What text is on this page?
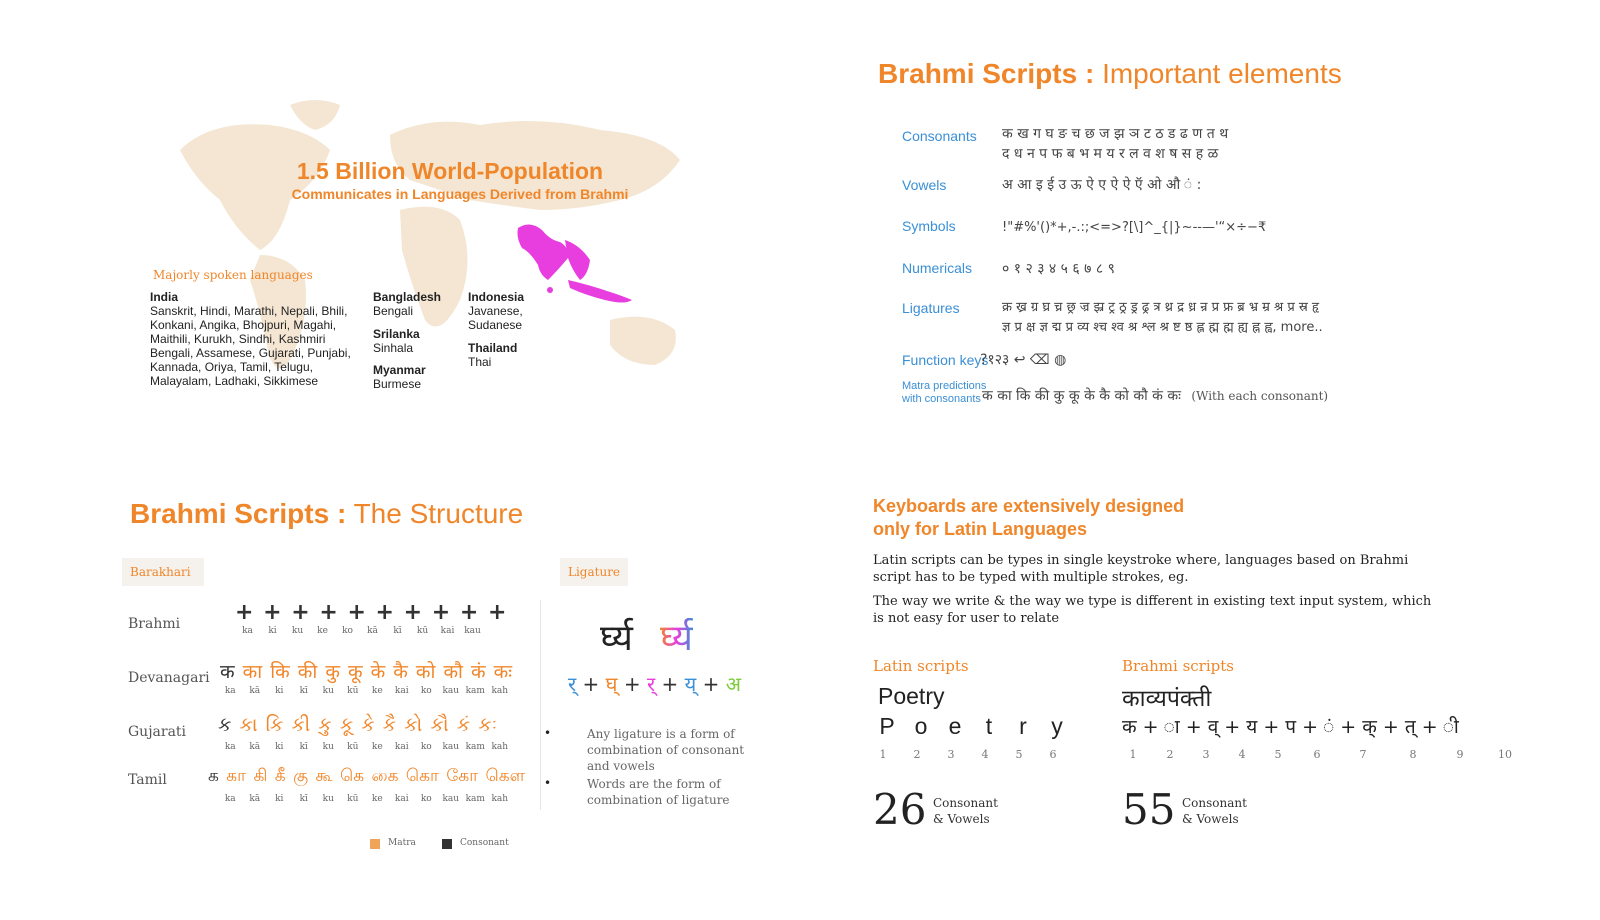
1.5 Billion World-Population
Communicates in Languages Derived from Brahmi
Majorly spoken languages
India
Sanskrit, Hindi, Marathi, Nepali, Bhili,
Konkani, Angika, Bhojpuri, Magahi,
Maithili, Kurukh, Sindhi, Kashmiri
Bengali, Assamese, Gujarati, Punjabi,
Kannada, Oriya, Tamil, Telugu,
Malayalam, Ladhaki, Sikkimese
Bangladesh
Bengali
Srilanka
Sinhala
Myanmar
Burmese
Indonesia
Javanese,
Sudanese
Thailand
Thai
Brahmi Scripts : Important elements
Consonants क ख ग घ ङ च छ ज झ ञ ट ठ ड ढ ण त थ
द ध न प फ ब भ म य र ल व श ष स ह ळ
Vowels	अ आ इ ई उ ऊ ऐ ए ऐ ऐ ऍ ओ औ ं :
Symbols	!"#%'()*+,-.:;<=>?[\]^_{|}~--—'“×÷−₹
Numericals ० १ २ ३ ४ ५ ६ ७ ८ ९
Ligatures	क्र ख्र ग्र घ्र च्र छ्र ज्र झ्र ट्र ठ्र ड्र ढ्र त्र थ्र द्र ध्र न्र प्र फ्र ब्र भ्र म्र श्र प्र स्र हृ
ज्ञ प्र क्ष ज्ञ द्म प्र व्य श्च श्व श्र श्ल श्र ष्ट ष्ठ ह्ल ह्म ह्म ह्य ह्न ह्व, more..
Function keys
?१२३ ↩ ⌫ ◍
Matra predictions
with consonants क का कि की कु कू के कै को कौ कं कः (With each consonant)
Brahmi Scripts : The Structure
Barakhari	Ligature
Brahmi + + + + + + + + + +
ka ki ku ke ko kā kī kū kai kau
Devanagari क का कि की कु कू के कै को कौ कं कः
ka kā ki kī ku kū ke kai ko kau kam kah
Gujarati ક કા કિ કી કુ કૂ કે કૈ કો કૌ કં કઃ
ka kā ki kī ku kū ke kai ko kau kam kah
Tamil க கா கி கீ கு கூ கெ கை கொ கோ கௌ
ka kā ki kī ku kū ke kai ko kau kam kah
र्घ्य र्घ्य
र् + घ् + र् + य् + अ
•	Any ligature is a form of combination of consonant and vowels
•	Words are the form of combination of ligature
Matra	Consonant
Keyboards are extensively designed
only for Latin Languages
Latin scripts can be types in single keystroke where, languages based on Brahmi script has to be typed with multiple strokes, eg.
The way we write & the way we type is different in existing text input system, which is not easy for user to relate
Latin scripts
Poetry
P o e t r y
1 2 3 4 5 6
26 Consonant
& Vowels
Brahmi scripts
काव्यपंक्ती
क + ा + व् + य + प + ं + क् + त् + ी
1	2	3	4	5	6	7	8	9	10
55 Consonant
& Vowels
